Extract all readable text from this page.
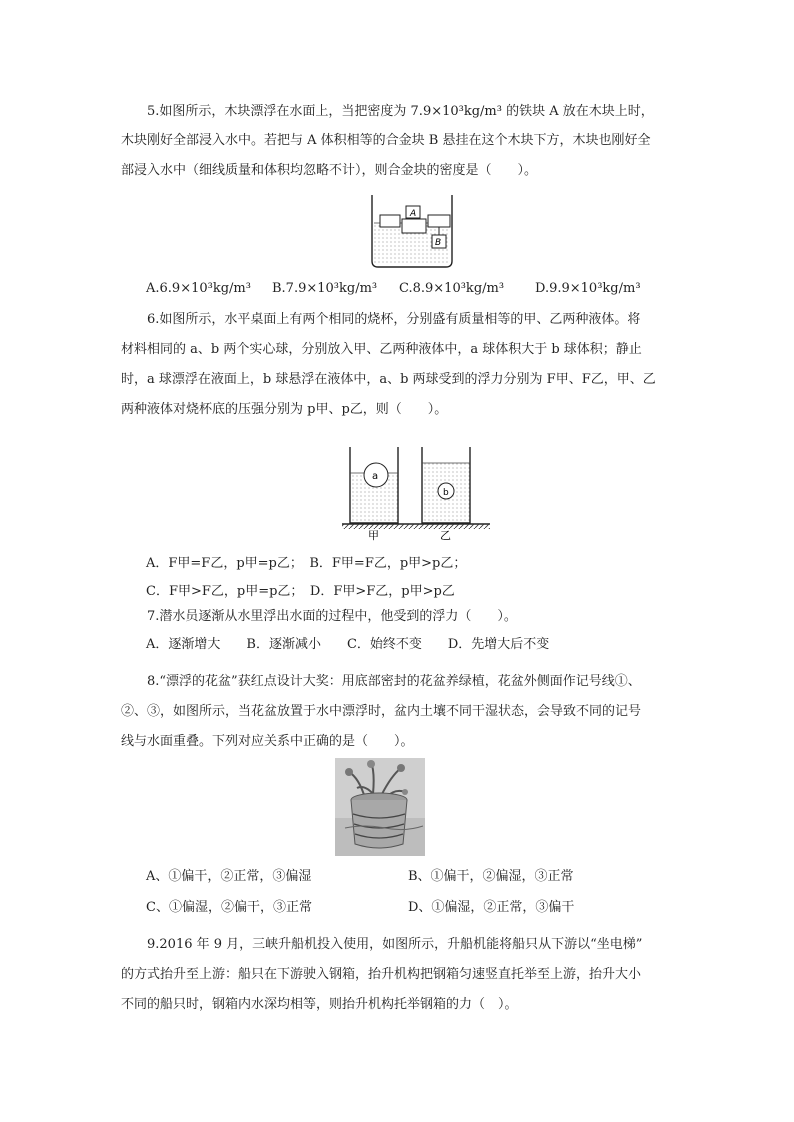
5.如图所示，木块漂浮在水面上，当把密度为 7.9×10³kg/m³ 的铁块 A 放在木块上时，
木块刚好全部浸入水中。若把与 A 体积相等的合金块 B 悬挂在这个木块下方，木块也刚好全
部浸入水中（细线质量和体积均忽略不计），则合金块的密度是（　　）。
A
B
A.6.9×10³kg/m³ B.7.9×10³kg/m³ C.8.9×10³kg/m³ D.9.9×10³kg/m³
6.如图所示，水平桌面上有两个相同的烧杯，分别盛有质量相等的甲、乙两种液体。将
材料相同的 a、b 两个实心球，分别放入甲、乙两种液体中，a 球体积大于 b 球体积；静止
时，a 球漂浮在液面上，b 球悬浮在液体中，a、b 两球受到的浮力分别为 F甲、F乙，甲、乙
两种液体对烧杯底的压强分别为 p甲、p乙，则（　　）。
a
b
甲	乙
A．F甲=F乙，p甲=p乙；　B．F甲=F乙，p甲>p乙；
C．F甲>F乙，p甲=p乙；　D．F甲>F乙，p甲>p乙
7.潜水员逐渐从水里浮出水面的过程中，他受到的浮力（　　）。
A．逐渐增大　　B．逐渐减小　　C．始终不变　　D．先增大后不变
8.“漂浮的花盆”获红点设计大奖：用底部密封的花盆养绿植，花盆外侧面作记号线①、
②、③，如图所示，当花盆放置于水中漂浮时，盆内土壤不同干湿状态，会导致不同的记号
线与水面重叠。下列对应关系中正确的是（　　）。
A、①偏干，②正常，③偏湿	B、①偏干，②偏湿，③正常
C、①偏湿，②偏干，③正常	D、①偏湿，②正常，③偏干
9.2016 年 9 月，三峡升船机投入使用，如图所示，升船机能将船只从下游以“坐电梯”
的方式抬升至上游：船只在下游驶入钢箱，抬升机构把钢箱匀速竖直托举至上游，抬升大小
不同的船只时，钢箱内水深均相等，则抬升机构托举钢箱的力（　）。
